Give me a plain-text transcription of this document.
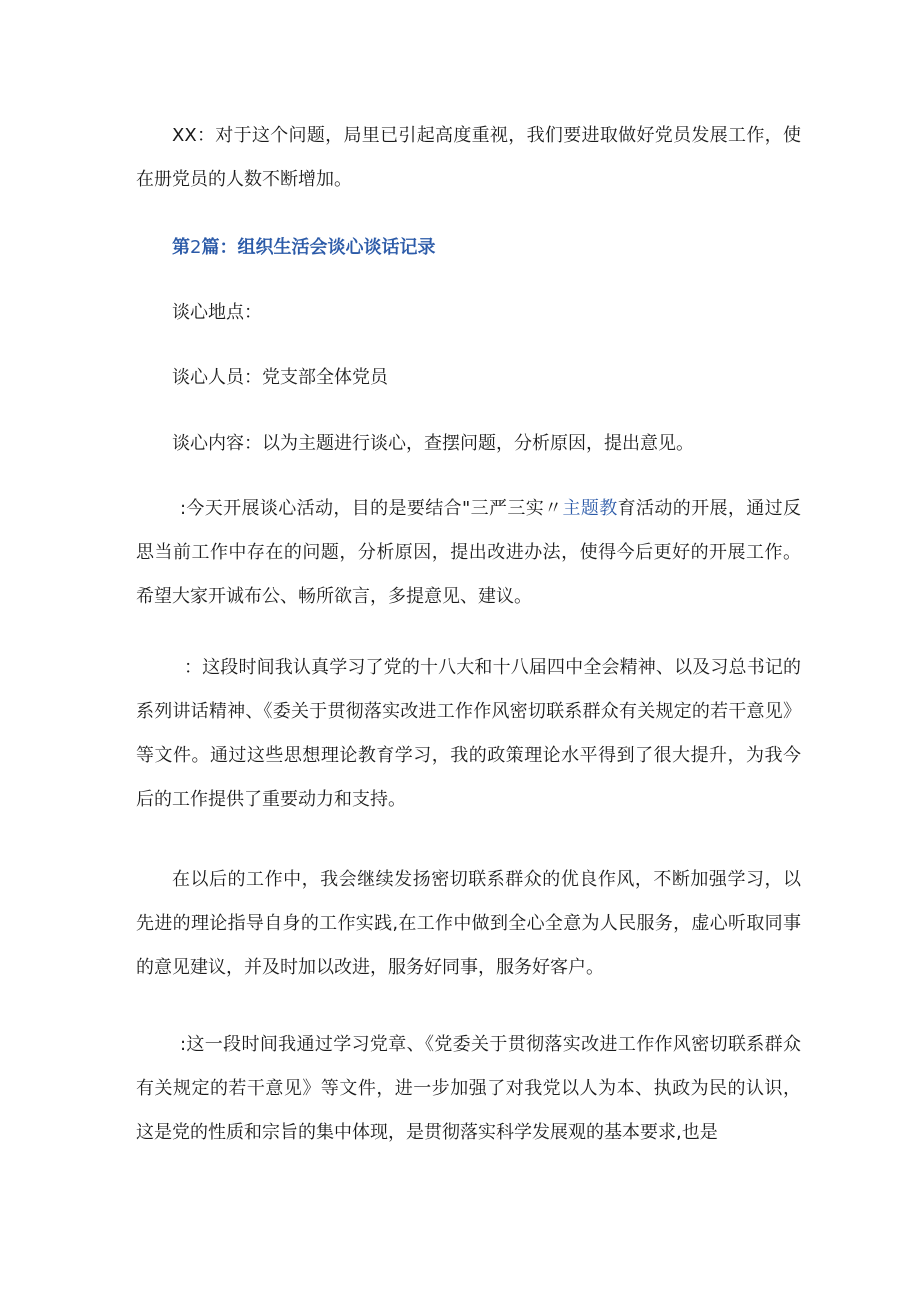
XX：对于这个问题，局里已引起高度重视，我们要进取做好党员发展工作，使在册党员的人数不断增加。

第2篇：组织生活会谈心谈话记录

谈心地点：

谈心人员：党支部全体党员

谈心内容：以为主题进行谈心，查摆问题，分析原因，提出意见。

:今天开展谈心活动，目的是要结合"三严三实〃主题教育活动的开展，通过反思当前工作中存在的问题，分析原因，提出改进办法，使得今后更好的开展工作。希望大家开诚布公、畅所欲言，多提意见、建议。

：这段时间我认真学习了党的十八大和十八届四中全会精神、以及习总书记的系列讲话精神、《委关于贯彻落实改进工作作风密切联系群众有关规定的若干意见》等文件。通过这些思想理论教育学习，我的政策理论水平得到了很大提升，为我今后的工作提供了重要动力和支持。

在以后的工作中，我会继续发扬密切联系群众的优良作风，不断加强学习，以先进的理论指导自身的工作实践,在工作中做到全心全意为人民服务，虚心听取同事的意见建议，并及时加以改进，服务好同事，服务好客户。

:这一段时间我通过学习党章、《党委关于贯彻落实改进工作作风密切联系群众有关规定的若干意见》等文件，进一步加强了对我党以人为本、执政为民的认识，这是党的性质和宗旨的集中体现，是贯彻落实科学发展观的基本要求,也是
